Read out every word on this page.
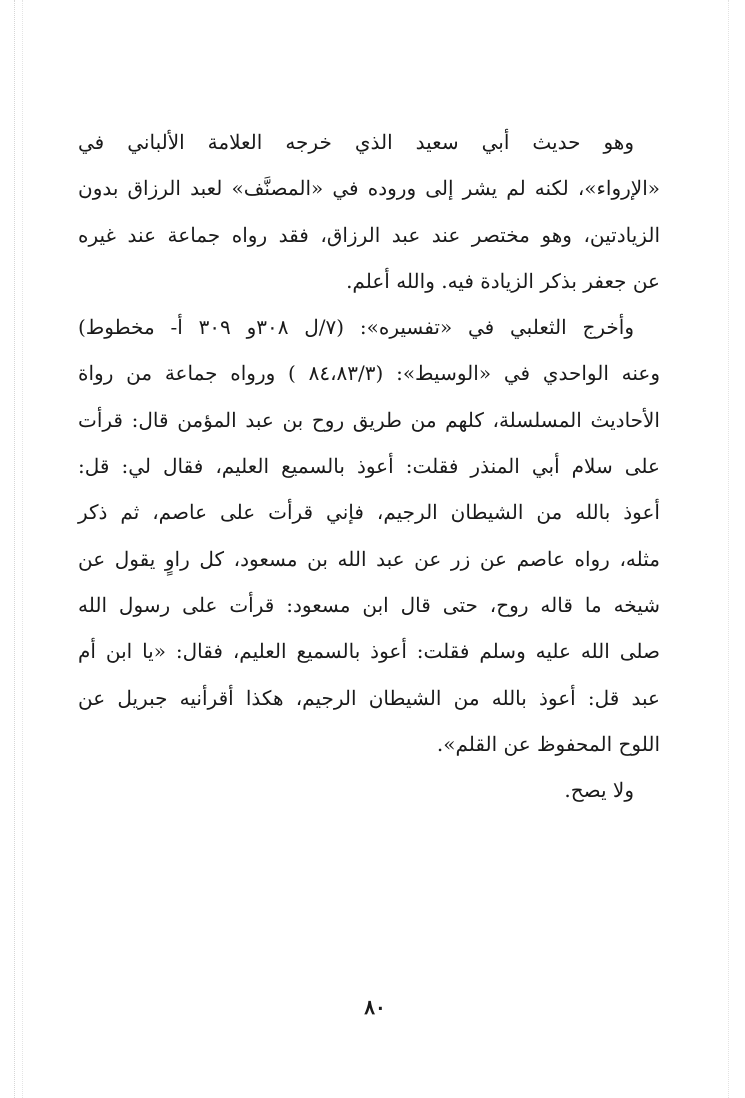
وهو حديث أبي سعيد الذي خرجه العلامة الألباني في
«الإرواء»، لكنه لم يشر إلى وروده في «المصنَّف» لعبد الرزاق بدون
الزيادتين، وهو مختصر عند عبد الرزاق، فقد رواه جماعة عند غيره
عن جعفر بذكر الزيادة فيه. والله أعلم.
وأخرج الثعلبي في «تفسيره»: (٧/ل ٣٠٨و ٣٠٩ أ- مخطوط)
وعنه الواحدي في «الوسيط»: (٨٤،٨٣/٣ ) ورواه جماعة من رواة
الأحاديث المسلسلة، كلهم من طريق روح بن عبد المؤمن قال: قرأت
على سلام أبي المنذر فقلت: أعوذ بالسميع العليم، فقال لي: قل:
أعوذ بالله من الشيطان الرجيم، فإني قرأت على عاصم، ثم ذكر
مثله، رواه عاصم عن زر عن عبد الله بن مسعود، كل راوٍ يقول عن
شيخه ما قاله روح، حتى قال ابن مسعود: قرأت على رسول الله
صلى الله عليه وسلم فقلت: أعوذ بالسميع العليم، فقال: «يا ابن أم
عبد قل: أعوذ بالله من الشيطان الرجيم، هكذا أقرأنيه جبريل عن
اللوح المحفوظ عن القلم».
ولا يصح.
٨٠
